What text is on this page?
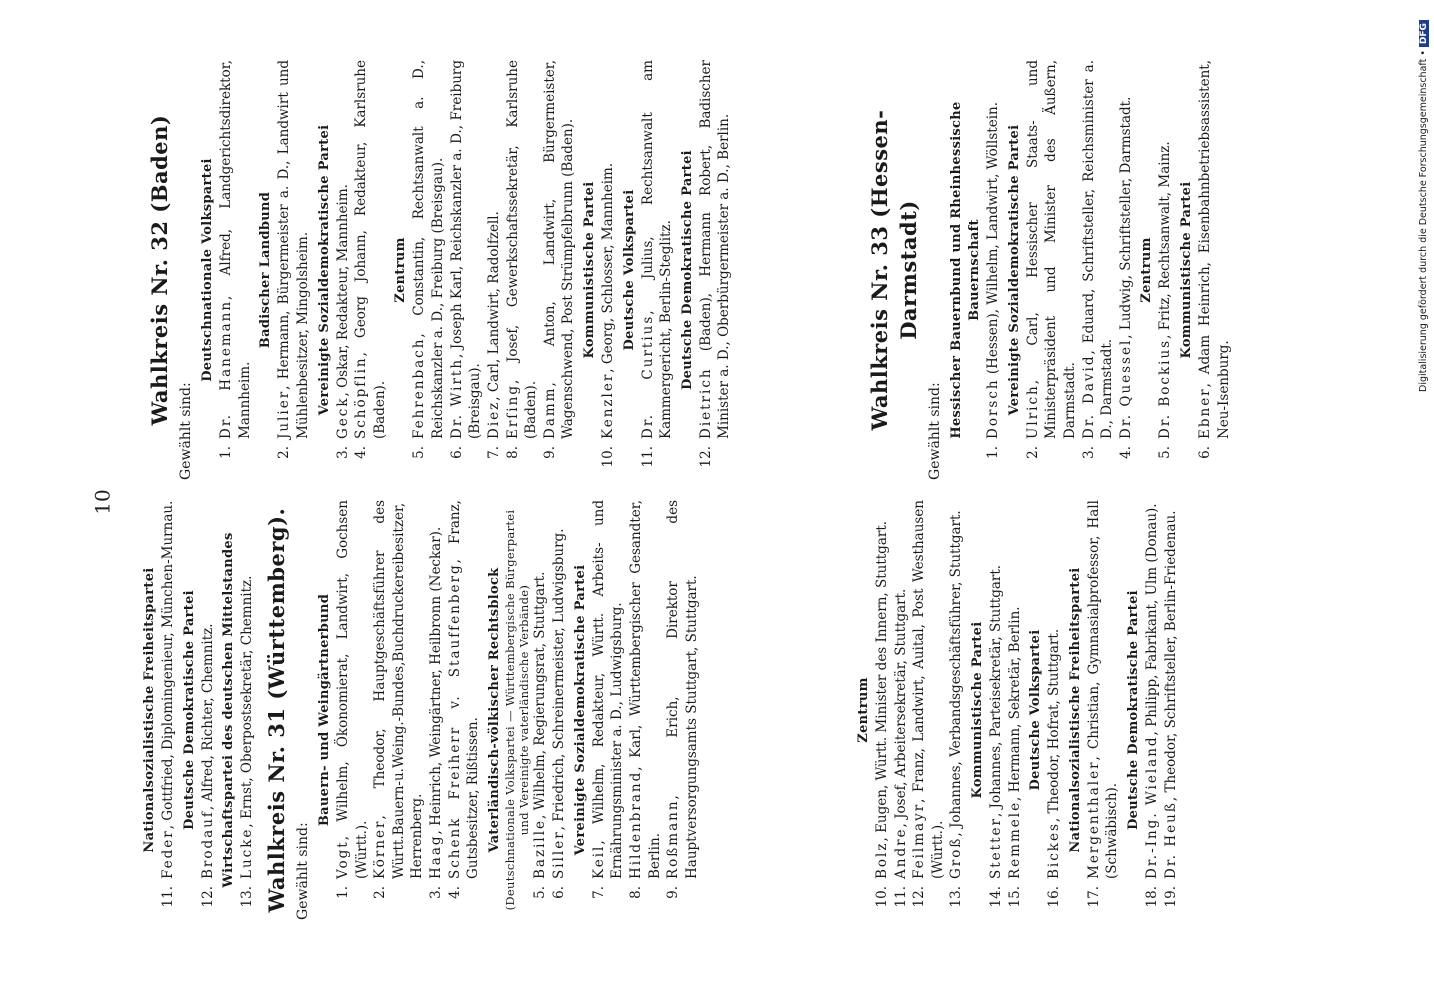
10
Nationalsozialistische Freiheitspartei
11.
Feder, Gottfried, Diplomingenieur, München-Murnau. Deutsche Demokratische Partei
12.
Brodauf, Alfred, Richter, Chemnitz. Wirtschaftspartei des deutschen Mittelstandes
13.
Lucke, Ernst, Oberpostsekretär, Chemnitz. Wahlkreis Nr. 31 (Württemberg). Gewählt sind:
Bauern- und Weingärtnerbund
1.
Vogt, Wilhelm, Ökonomierat, Landwirt, Gochsen (Württ.).
2.
Körner, Theodor, Hauptgeschäftsführer des Württ.Bauern-u.Weing.-Bundes,Buchdruckereibesitzer, Herrenberg.
3.
Haag, Heinrich, Weingärtner, Heilbronn (Neckar).
4.
Schenk Freiherr v. Stauffenberg, Franz, Gutsbesitzer, Rißtissen. Vaterländisch-völkischer Rechtsblock (Deutschnationale Volkspartei — Württembergische Bürgerpartei und Vereinigte vaterländische Verbände)
5.
Bazille, Wilhelm, Regierungsrat, Stuttgart.
6.
Siller, Friedrich, Schreinermeister, Ludwigsburg. Vereinigte Sozialdemokratische Partei
7.
Keil, Wilhelm, Redakteur, Württ. Arbeits- und Ernährungsminister a. D., Ludwigsburg.
8.
Hildenbrand, Karl, Württembergischer Gesandter, Berlin.
9.
Roßmann, Erich, Direktor des Hauptversorgungsamts Stuttgart, Stuttgart.	Zentrum
10.
Bolz, Eugen, Württ. Minister des Innern, Stuttgart.
11.
Andre, Josef, Arbeitersekretär, Stuttgart.
12.
Feilmayr, Franz, Landwirt, Auital, Post Westhausen (Württ.).
13.
Groß, Johannes, Verbandsgeschäftsführer, Stuttgart. Kommunistische Partei
14.
Stetter, Johannes, Parteisekretär, Stuttgart.
15.
Remmele, Hermann, Sekretär, Berlin. Deutsche Volkspartei
16.
Bickes, Theodor, Hofrat, Stuttgart. Nationalsozialistische Freiheitspartei
17.
Mergenthaler, Christian, Gymnasialprofessor, Hall (Schwäbisch).
Deutsche Demokratische Partei
18.
Dr.-Ing. Wieland, Philipp, Fabrikant, Ulm (Donau).
19.
Dr. Heuß, Theodor, Schriftsteller, Berlin-Friedenau.
Wahlkreis Nr. 32 (Baden)
Gewählt sind:
Deutschnationale Volkspartei
1.
Dr. Hanemann, Alfred, Landgerichtsdirektor, Mannheim.
Badischer Landbund
2.
Julier, Hermann, Bürgermeister a. D., Landwirt und Mühlenbesitzer, Mingolsheim. Vereinigte Sozialdemokratische Partei
3.
Geck, Oskar, Redakteur, Mannheim.
4.
Schöpflin, Georg Johann, Redakteur, Karlsruhe (Baden).
Zentrum
5.
Fehrenbach, Constantin, Rechtsanwalt a. D., Reichskanzler a. D., Freiburg (Breisgau).
6.
Dr. Wirth, Joseph Karl, Reichskanzler a. D., Freiburg (Breisgau).
7.
Diez, Carl, Landwirt, Radolfzell.
8.
Erſing, Josef, Gewerkschaftssekretär, Karlsruhe (Baden).
9.
Damm, Anton, Landwirt, Bürgermeister, Wagenschwend, Post Strümpfelbrunn (Baden). Kommunistische Partei
10.
Kenzler, Georg, Schlosser, Mannheim. Deutsche Volkspartei
11.
Dr. Curtius, Julius, Rechtsanwalt am Kammergericht, Berlin-Steglitz. Deutsche Demokratische Partei
12.
Dietrich (Baden), Hermann Robert, Badischer Minister a. D., Oberbürgermeister a. D., Berlin.	Wahlkreis Nr. 33 (Hessen-Darmstadt)
Gewählt sind: Hessischer Bauernbund und Rheinhessische Bauernschaft
1.
Dorsch (Hessen), Wilhelm, Landwirt, Wöllstein. Vereinigte Sozialdemokratische Partei
2.
Ulrich, Carl, Hessischer Staats- und Ministerpräsident und Minister des Äußern, Darmstadt.
3.
Dr. David, Eduard, Schriftsteller, Reichsminister a. D., Darmstadt.
4.
Dr. Quessel, Ludwig, Schriftsteller, Darmstadt. Zentrum
5.
Dr. Bockius, Fritz, Rechtsanwalt, Mainz. Kommunistische Partei
6.
Ebner, Adam Heinrich, Eisenbahnbetriebsassistent, Neu-Isenburg.	Digitalisierung gefördert durch die Deutsche Forschungsgemeinschaft •DFG
